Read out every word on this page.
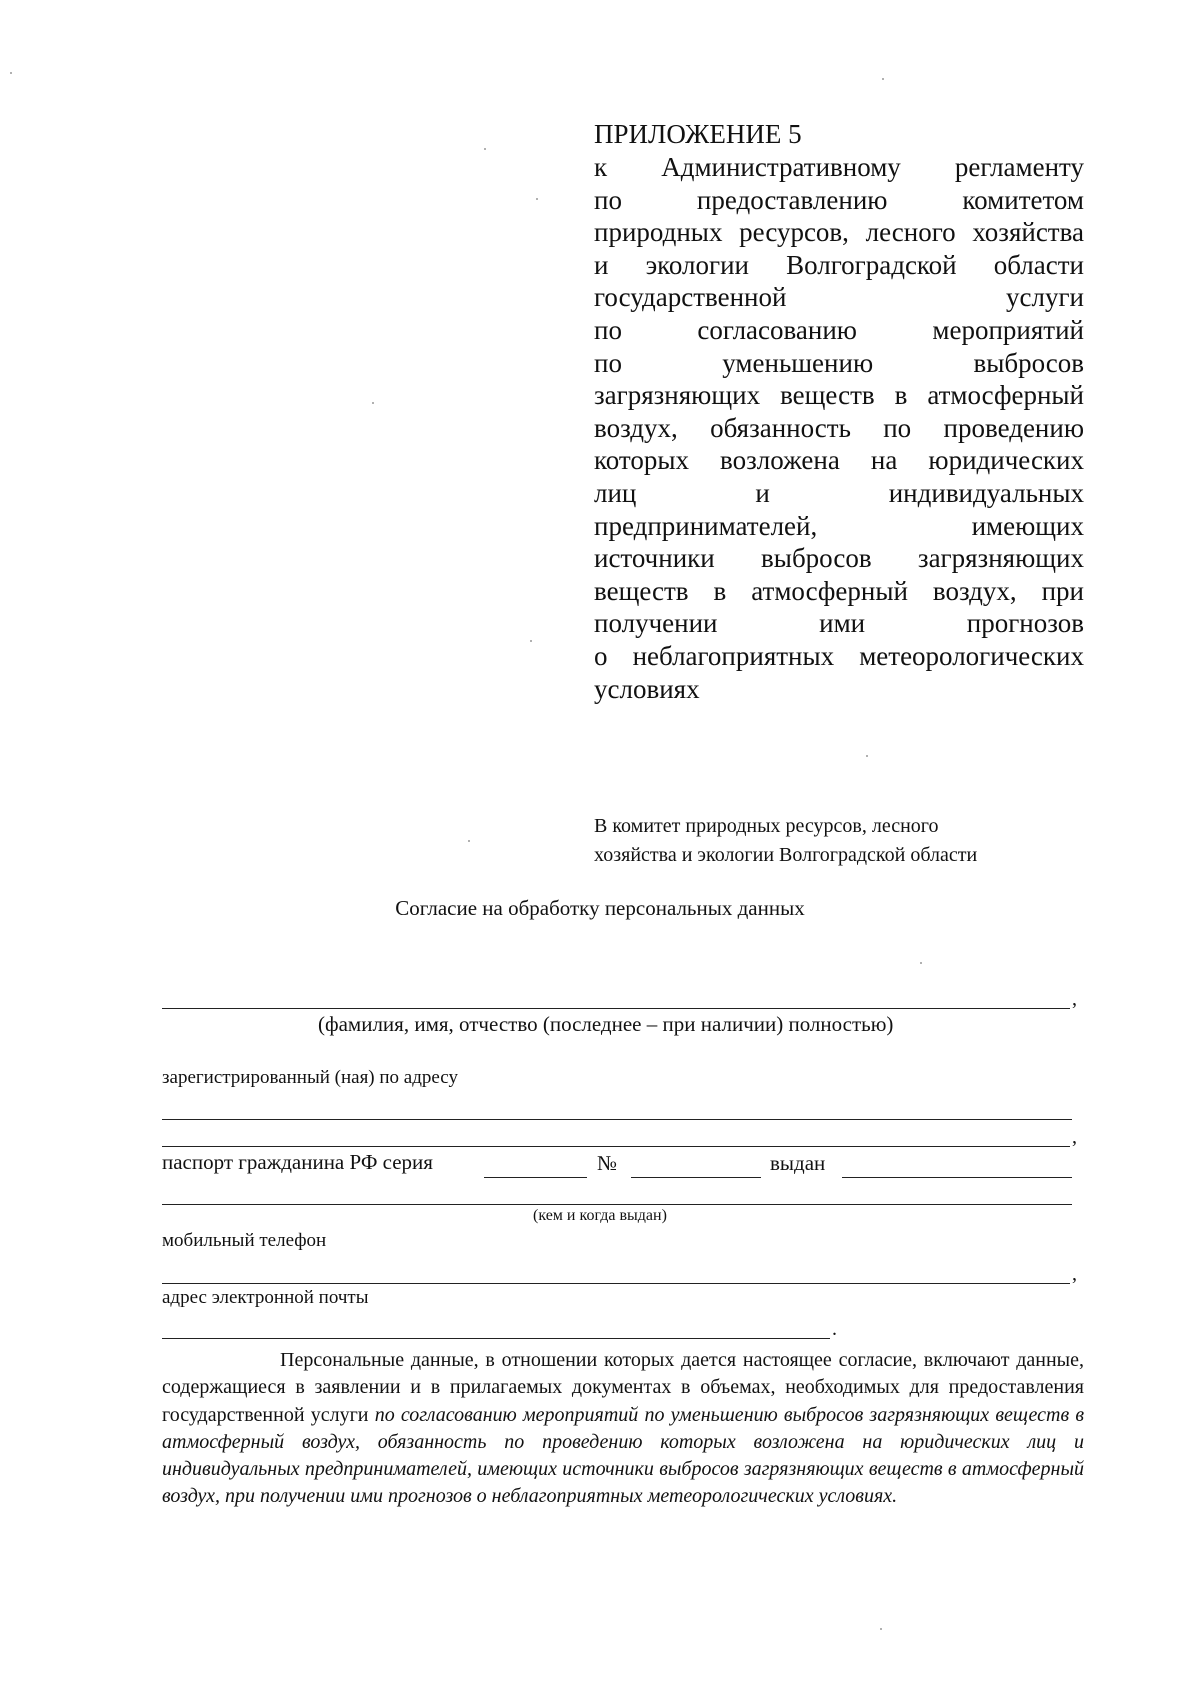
ПРИЛОЖЕНИЕ 5
к Административному регламенту
по предоставлению комитетом
природных ресурсов, лесного хозяйства
и экологии Волгоградской области
государственной услуги
по согласованию мероприятий
по уменьшению выбросов
загрязняющих веществ в атмосферный
воздух, обязанность по проведению
которых возложена на юридических
лиц и индивидуальных
предпринимателей, имеющих
источники выбросов загрязняющих
веществ в атмосферный воздух, при
получении ими прогнозов
о неблагоприятных метеорологических
условиях
В комитет природных ресурсов, лесного
хозяйства и экологии Волгоградской области
Согласие на обработку персональных данных
,
(фамилия, имя, отчество (последнее – при наличии) полностью)
зарегистрированный (ная) по адресу
,
паспорт гражданина РФ серия	№	выдан
(кем и когда выдан)
мобильный телефон
,
адрес электронной почты
.
Персональные данные, в отношении которых дается настоящее согласие, включают данные, содержащиеся в заявлении и в прилагаемых документах в объемах, необходимых для предоставления государственной услуги по согласованию мероприятий по уменьшению выбросов загрязняющих веществ в атмосферный воздух, обязанность по проведению которых возложена на юридических лиц и индивидуальных предпринимателей, имеющих источники выбросов загрязняющих веществ в атмосферный воздух, при получении ими прогнозов о неблагоприятных метеорологических условиях.
